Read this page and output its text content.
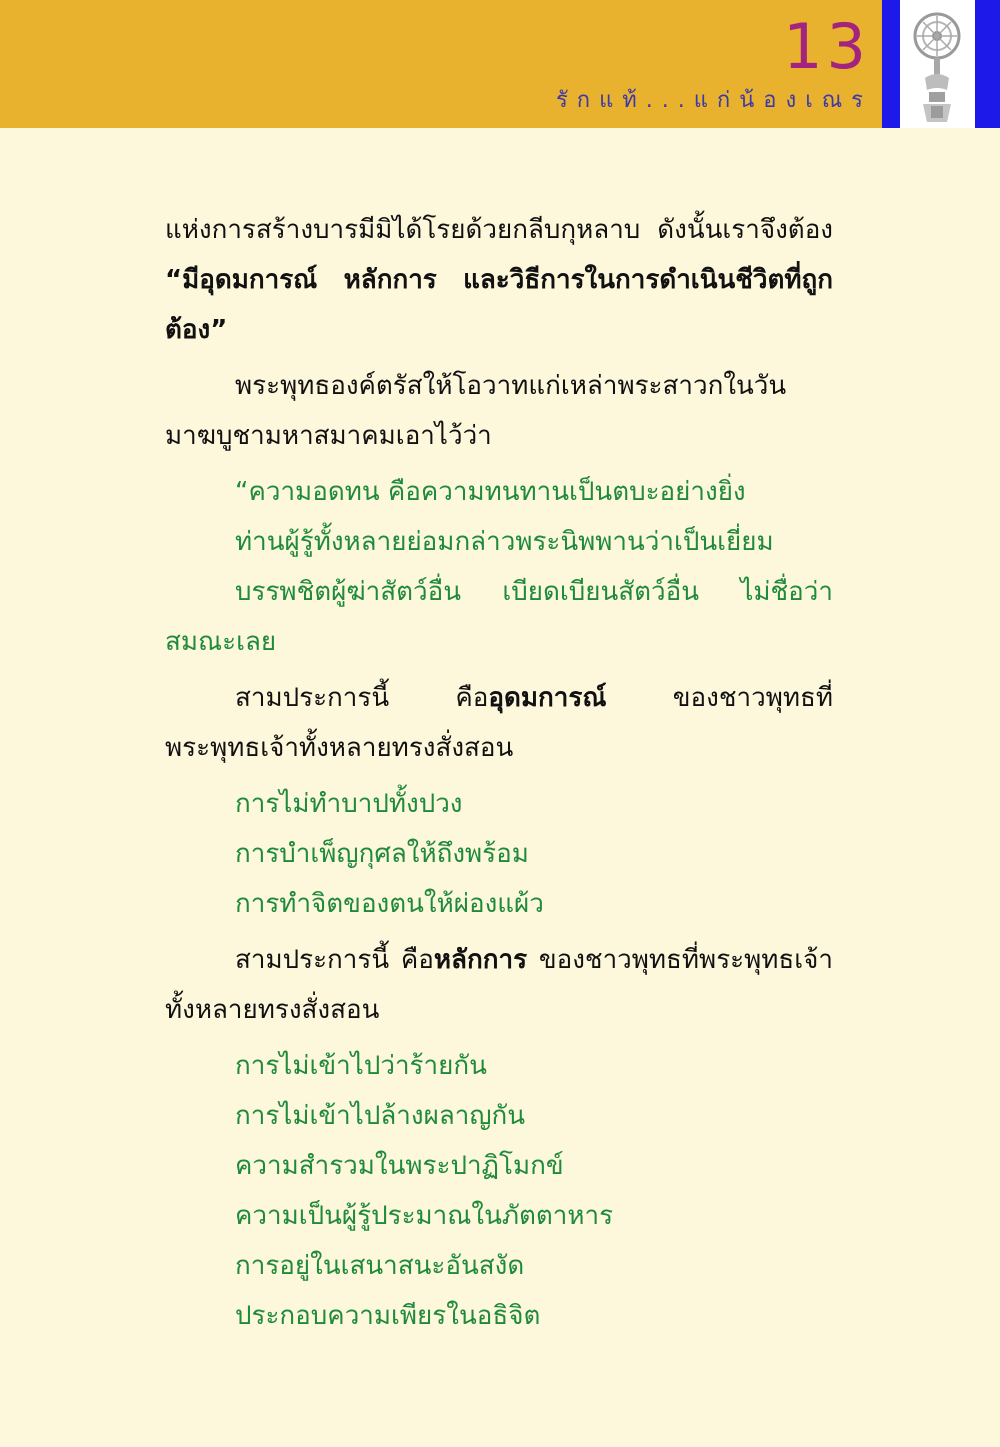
13
รักแท้...แก่น้องเณร

แห่งการสร้างบารมีมิได้โรยด้วยกลีบกุหลาบ ดังนั้นเราจึงต้อง “มีอุดมการณ์ หลักการ และวิธีการในการดำเนินชีวิตที่ถูกต้อง”

พระพุทธองค์ตรัสให้โอวาทแก่เหล่าพระสาวกในวันมาฆบูชามหาสมาคมเอาไว้ว่า

“ความอดทน คือความทนทานเป็นตบะอย่างยิ่ง

ท่านผู้รู้ทั้งหลายย่อมกล่าวพระนิพพานว่าเป็นเยี่ยม

บรรพชิตผู้ฆ่าสัตว์อื่น เบียดเบียนสัตว์อื่น ไม่ชื่อว่าสมณะเลย

สามประการนี้ คืออุดมการณ์ ของชาวพุทธที่พระพุทธเจ้าทั้งหลายทรงสั่งสอน

การไม่ทำบาปทั้งปวง

การบำเพ็ญกุศลให้ถึงพร้อม

การทำจิตของตนให้ผ่องแผ้ว

สามประการนี้ คือหลักการ ของชาวพุทธที่พระพุทธเจ้าทั้งหลายทรงสั่งสอน

การไม่เข้าไปว่าร้ายกัน

การไม่เข้าไปล้างผลาญกัน

ความสำรวมในพระปาฏิโมกข์

ความเป็นผู้รู้ประมาณในภัตตาหาร

การอยู่ในเสนาสนะอันสงัด

ประกอบความเพียรในอธิจิต
